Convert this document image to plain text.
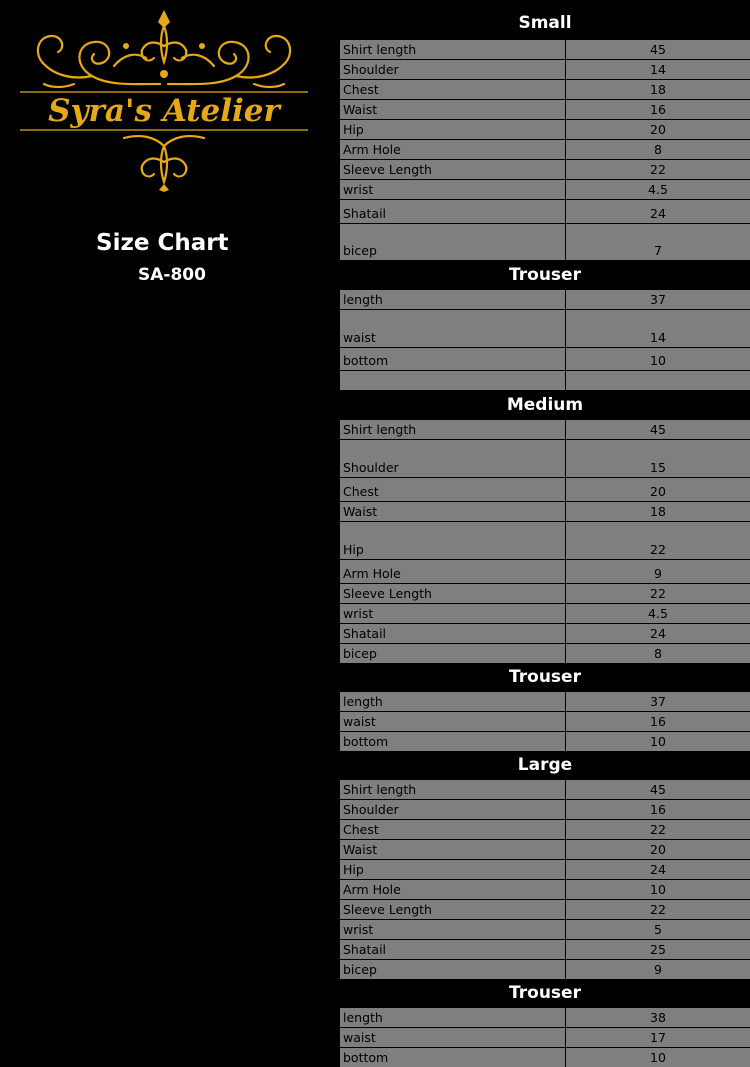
Syra's Atelier
Size Chart
SA-800
Small
Shirt length	45
Shoulder	14
Chest	18
Waist	16
Hip	20
Arm Hole	8
Sleeve Length	22
wrist	4.5
Shatail	24
bicep	7
Trouser
length	37
waist	14
bottom	10
Medium
Shirt length	45
Shoulder	15
Chest	20
Waist	18
Hip	22
Arm Hole	9
Sleeve Length	22
wrist	4.5
Shatail	24
bicep	8
Trouser
length	37
waist	16
bottom	10
Large
Shirt length	45
Shoulder	16
Chest	22
Waist	20
Hip	24
Arm Hole	10
Sleeve Length	22
wrist	5
Shatail	25
bicep	9
Trouser
length	38
waist	17
bottom	10
